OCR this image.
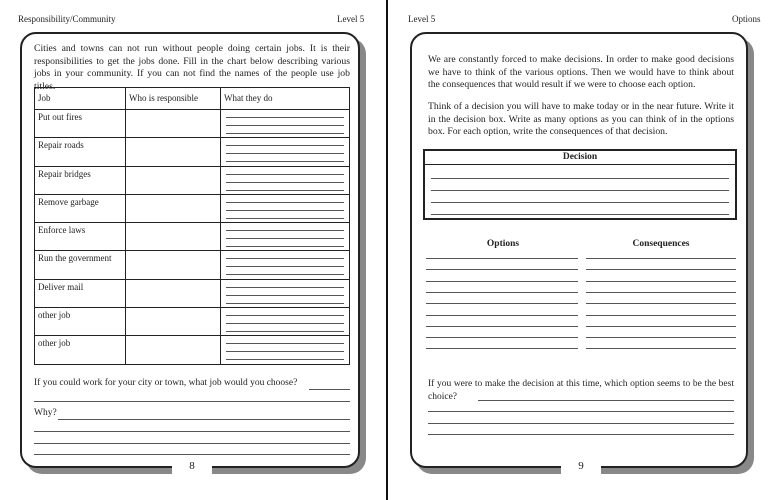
Responsibility/Community	Level 5	Level 5	Options

Cities and towns can not run without people doing certain jobs. It is their responsibilities to get the jobs done. Fill in the chart below describing various jobs in your community. If you can not find the names of the people use job titles.

Job	Who is responsible	What they do
Put out fires		

Repair roads		

Repair bridges		

Remove garbage		

Enforce laws		

Run the government		

Deliver mail		

other job		

other job		
If you could work for your city or town, what job would you choose?
Why?
8

We are constantly forced to make decisions. In order to make good decisions we have to think of the various options. Then we would have to think about the consequences that would result if we were to choose each option.

Think of a decision you will have to make today or in the near future. Write it in the decision box. Write as many options as you can think of in the options box. For each option, write the consequences of that decision.

Decision
Options	Consequences

If you were to make the decision at this time, which option seems to be the best choice?

9
